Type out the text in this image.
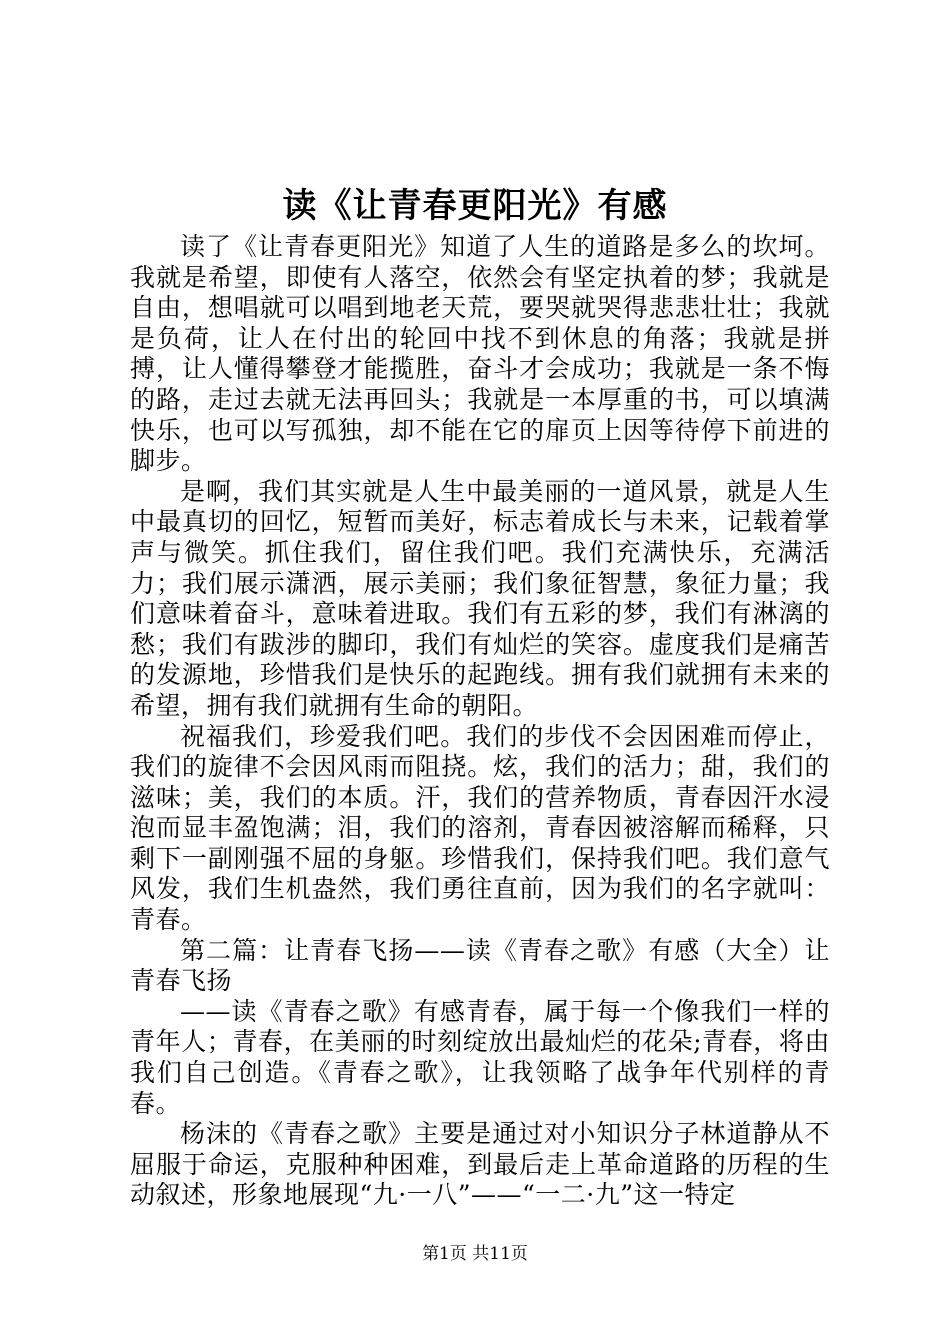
读《让青春更阳光》有感

读了《让青春更阳光》知道了人生的道路是多么的坎坷。我就是希望，即使有人落空，依然会有坚定执着的梦；我就是自由，想唱就可以唱到地老天荒，要哭就哭得悲悲壮壮；我就是负荷，让人在付出的轮回中找不到休息的角落；我就是拼搏，让人懂得攀登才能揽胜，奋斗才会成功；我就是一条不悔的路，走过去就无法再回头；我就是一本厚重的书，可以填满快乐，也可以写孤独，却不能在它的扉页上因等待停下前进的脚步。

是啊，我们其实就是人生中最美丽的一道风景，就是人生中最真切的回忆，短暂而美好，标志着成长与未来，记载着掌声与微笑。抓住我们，留住我们吧。我们充满快乐，充满活力；我们展示潇洒，展示美丽；我们象征智慧，象征力量；我们意味着奋斗，意味着进取。我们有五彩的梦，我们有淋漓的愁；我们有跋涉的脚印，我们有灿烂的笑容。虚度我们是痛苦的发源地，珍惜我们是快乐的起跑线。拥有我们就拥有未来的希望，拥有我们就拥有生命的朝阳。

祝福我们，珍爱我们吧。我们的步伐不会因困难而停止，我们的旋律不会因风雨而阻挠。炫，我们的活力；甜，我们的滋味；美，我们的本质。汗，我们的营养物质，青春因汗水浸泡而显丰盈饱满；泪，我们的溶剂，青春因被溶解而稀释，只剩下一副刚强不屈的身躯。珍惜我们，保持我们吧。我们意气风发，我们生机盎然，我们勇往直前，因为我们的名字就叫：青春。

第二篇：让青春飞扬——读《青春之歌》有感（大全）让青春飞扬

——读《青春之歌》有感青春，属于每一个像我们一样的青年人；青春，在美丽的时刻绽放出最灿烂的花朵;青春，将由我们自己创造。《青春之歌》，让我领略了战争年代别样的青春。

杨沫的《青春之歌》主要是通过对小知识分子林道静从不屈服于命运，克服种种困难，到最后走上革命道路的历程的生动叙述，形象地展现“九·一八”——“一二·九”这一特定

第1页 共11页
